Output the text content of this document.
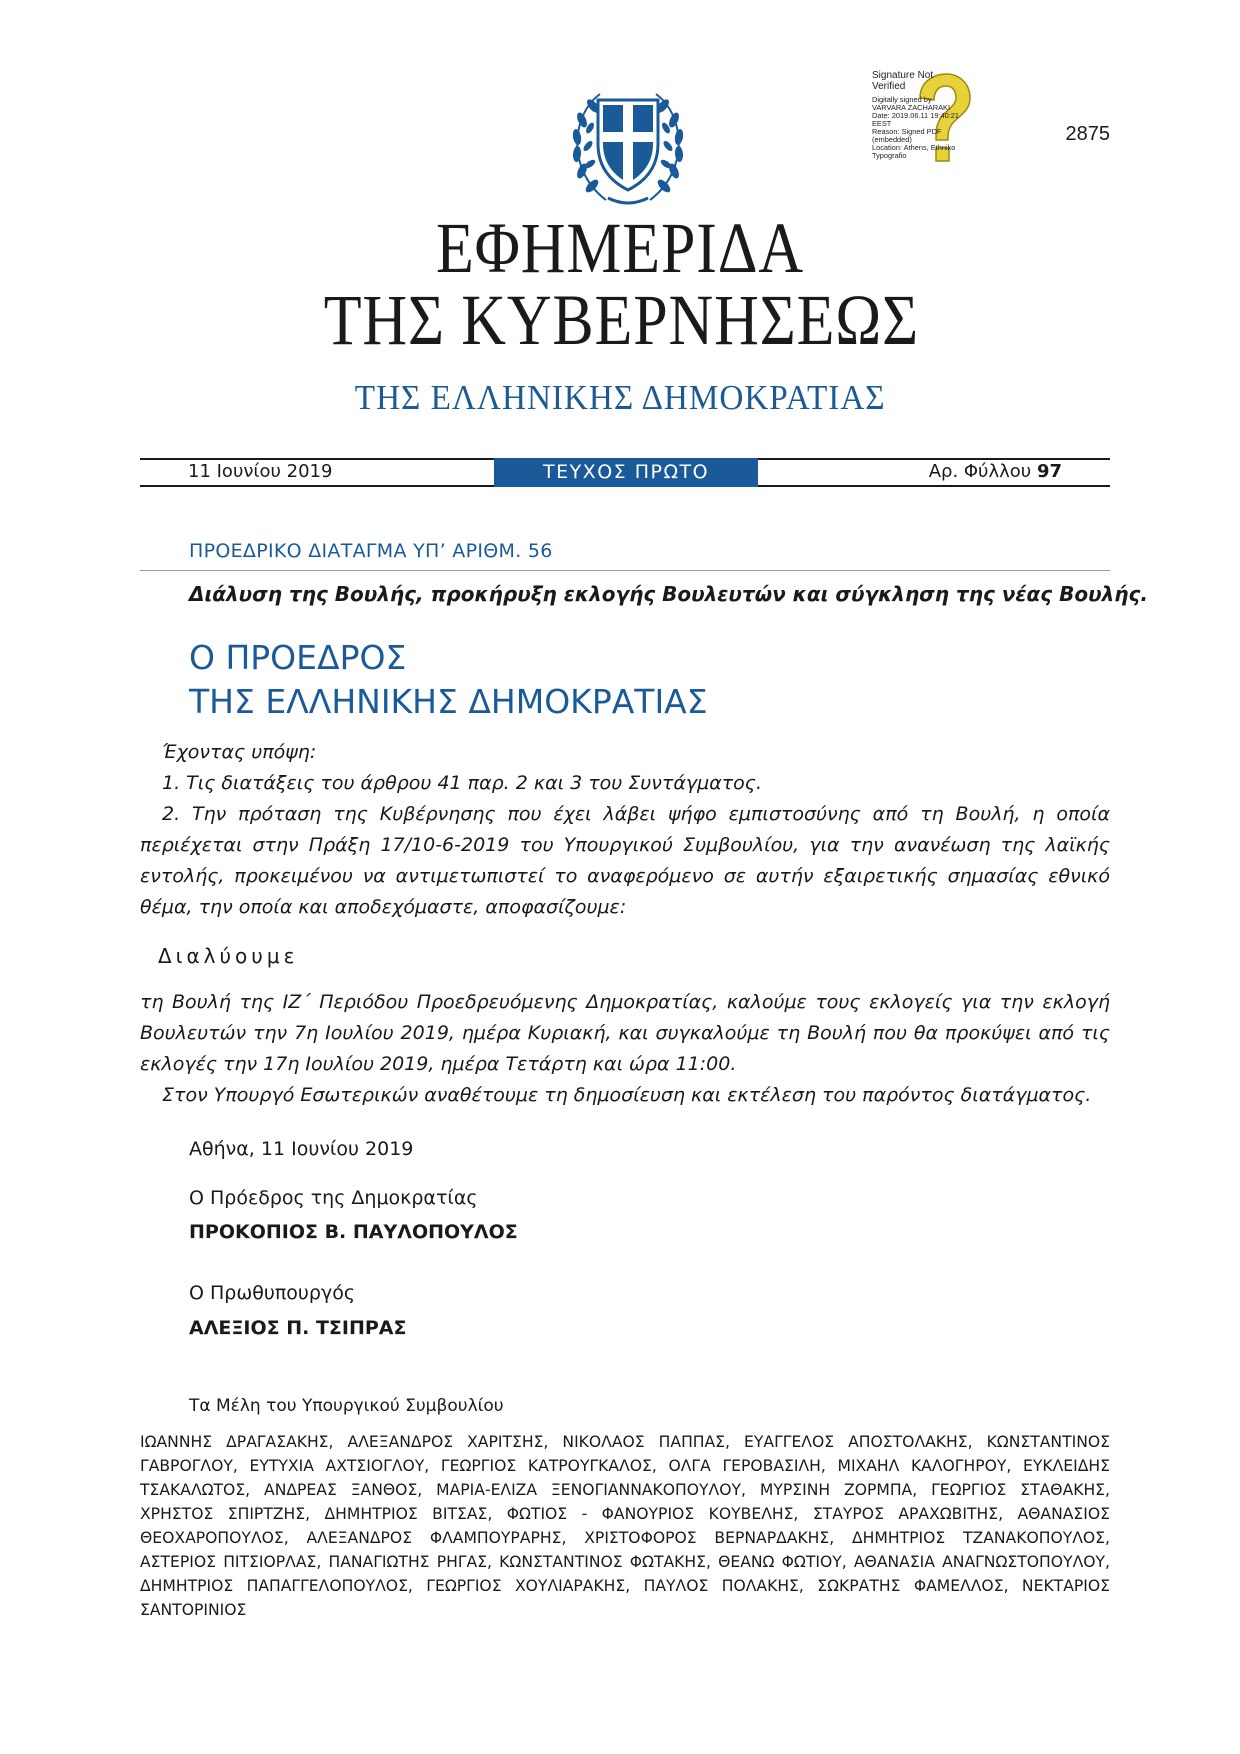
Signature Not
Verified
Digitally signed by
VARVARA ZACHARAKI
Date: 2019.06.11 19:40:21
EEST
Reason: Signed PDF
(embedded)
Location: Athens, Ethniko
Typografio
2875
ΕΦΗΜΕΡΙΔΑ
ΤΗΣ ΚΥΒΕΡΝΗΣΕΩΣ
ΤΗΣ ΕΛΛΗΝΙΚΗΣ ΔΗΜΟΚΡΑΤΙΑΣ
11 Ιουνίου 2019	ΤΕΥΧΟΣ ΠΡΩΤΟ	Αρ. Φύλλου 97
ΠΡΟΕΔΡΙΚΟ ΔΙΑΤΑΓΜΑ ΥΠ’ ΑΡΙΘΜ. 56
Διάλυση της Βουλής, προκήρυξη εκλογής Βουλευτών και σύγκληση της νέας Βουλής.
Ο ΠΡΟΕΔΡΟΣ
ΤΗΣ ΕΛΛΗΝΙΚΗΣ ΔΗΜΟΚΡΑΤΙΑΣ
Έχοντας υπόψη:
1. Τις διατάξεις του άρθρου 41 παρ. 2 και 3 του Συντάγματος.
2. Την πρόταση της Κυβέρνησης που έχει λάβει ψήφο εμπιστοσύνης από τη Βουλή, η οποία περιέχεται στην Πράξη 17/10-6-2019 του Υπουργικού Συμβουλίου, για την ανανέωση της λαϊκής εντολής, προκειμένου να αντιμετωπιστεί το αναφερόμενο σε αυτήν εξαιρετικής σημασίας εθνικό θέμα, την οποία και αποδεχόμαστε, αποφασίζουμε:
Διαλύουμε
τη Βουλή της ΙΖ΄ Περιόδου Προεδρευόμενης Δημοκρατίας, καλούμε τους εκλογείς για την εκλογή Βουλευτών την 7η Ιουλίου 2019, ημέρα Κυριακή, και συγκαλούμε τη Βουλή που θα προκύψει από τις εκλογές την 17η Ιουλίου 2019, ημέρα Τετάρτη και ώρα 11:00.
Στον Υπουργό Εσωτερικών αναθέτουμε τη δημοσίευση και εκτέλεση του παρόντος διατάγματος.
Αθήνα, 11 Ιουνίου 2019
Ο Πρόεδρος της Δημοκρατίας
ΠΡΟΚΟΠΙΟΣ Β. ΠΑΥΛΟΠΟΥΛΟΣ
Ο Πρωθυπουργός
ΑΛΕΞΙΟΣ Π. ΤΣΙΠΡΑΣ
Τα Μέλη του Υπουργικού Συμβουλίου
ΙΩΑΝΝΗΣ ΔΡΑΓΑΣΑΚΗΣ, ΑΛΕΞΑΝΔΡΟΣ ΧΑΡΙΤΣΗΣ, ΝΙΚΟΛΑΟΣ ΠΑΠΠΑΣ, ΕΥΑΓΓΕΛΟΣ ΑΠΟΣΤΟΛΑΚΗΣ, ΚΩΝΣΤΑΝΤΙΝΟΣ ΓΑΒΡΟΓΛΟΥ, ΕΥΤΥΧΙΑ ΑΧΤΣΙΟΓΛΟΥ, ΓΕΩΡΓΙΟΣ ΚΑΤΡΟΥΓΚΑΛΟΣ, ΟΛΓΑ ΓΕΡΟΒΑΣΙΛΗ, ΜΙΧΑΗΛ ΚΑΛΟΓΗΡΟΥ, ΕΥΚΛΕΙΔΗΣ ΤΣΑΚΑΛΩΤΟΣ, ΑΝΔΡΕΑΣ ΞΑΝΘΟΣ, ΜΑΡΙΑ-ΕΛΙΖΑ ΞΕΝΟΓΙΑΝΝΑΚΟΠΟΥΛΟΥ, ΜΥΡΣΙΝΗ ΖΟΡΜΠΑ, ΓΕΩΡΓΙΟΣ ΣΤΑΘΑΚΗΣ, ΧΡΗΣΤΟΣ ΣΠΙΡΤΖΗΣ, ΔΗΜΗΤΡΙΟΣ ΒΙΤΣΑΣ, ΦΩΤΙΟΣ - ΦΑΝΟΥΡΙΟΣ ΚΟΥΒΕΛΗΣ, ΣΤΑΥΡΟΣ ΑΡΑΧΩΒΙΤΗΣ, ΑΘΑΝΑΣΙΟΣ ΘΕΟΧΑΡΟΠΟΥΛΟΣ, ΑΛΕΞΑΝΔΡΟΣ ΦΛΑΜΠΟΥΡΑΡΗΣ, ΧΡΙΣΤΟΦΟΡΟΣ ΒΕΡΝΑΡΔΑΚΗΣ, ΔΗΜΗΤΡΙΟΣ ΤΖΑΝΑΚΟΠΟΥΛΟΣ, ΑΣΤΕΡΙΟΣ ΠΙΤΣΙΟΡΛΑΣ, ΠΑΝΑΓΙΩΤΗΣ ΡΗΓΑΣ, ΚΩΝΣΤΑΝΤΙΝΟΣ ΦΩΤΑΚΗΣ, ΘΕΑΝΩ ΦΩΤΙΟΥ, ΑΘΑΝΑΣΙΑ ΑΝΑΓΝΩΣΤΟΠΟΥΛΟΥ, ΔΗΜΗΤΡΙΟΣ ΠΑΠΑΓΓΕΛΟΠΟΥΛΟΣ, ΓΕΩΡΓΙΟΣ ΧΟΥΛΙΑΡΑΚΗΣ, ΠΑΥΛΟΣ ΠΟΛΑΚΗΣ, ΣΩΚΡΑΤΗΣ ΦΑΜΕΛΛΟΣ, ΝΕΚΤΑΡΙΟΣ ΣΑΝΤΟΡΙΝΙΟΣ
